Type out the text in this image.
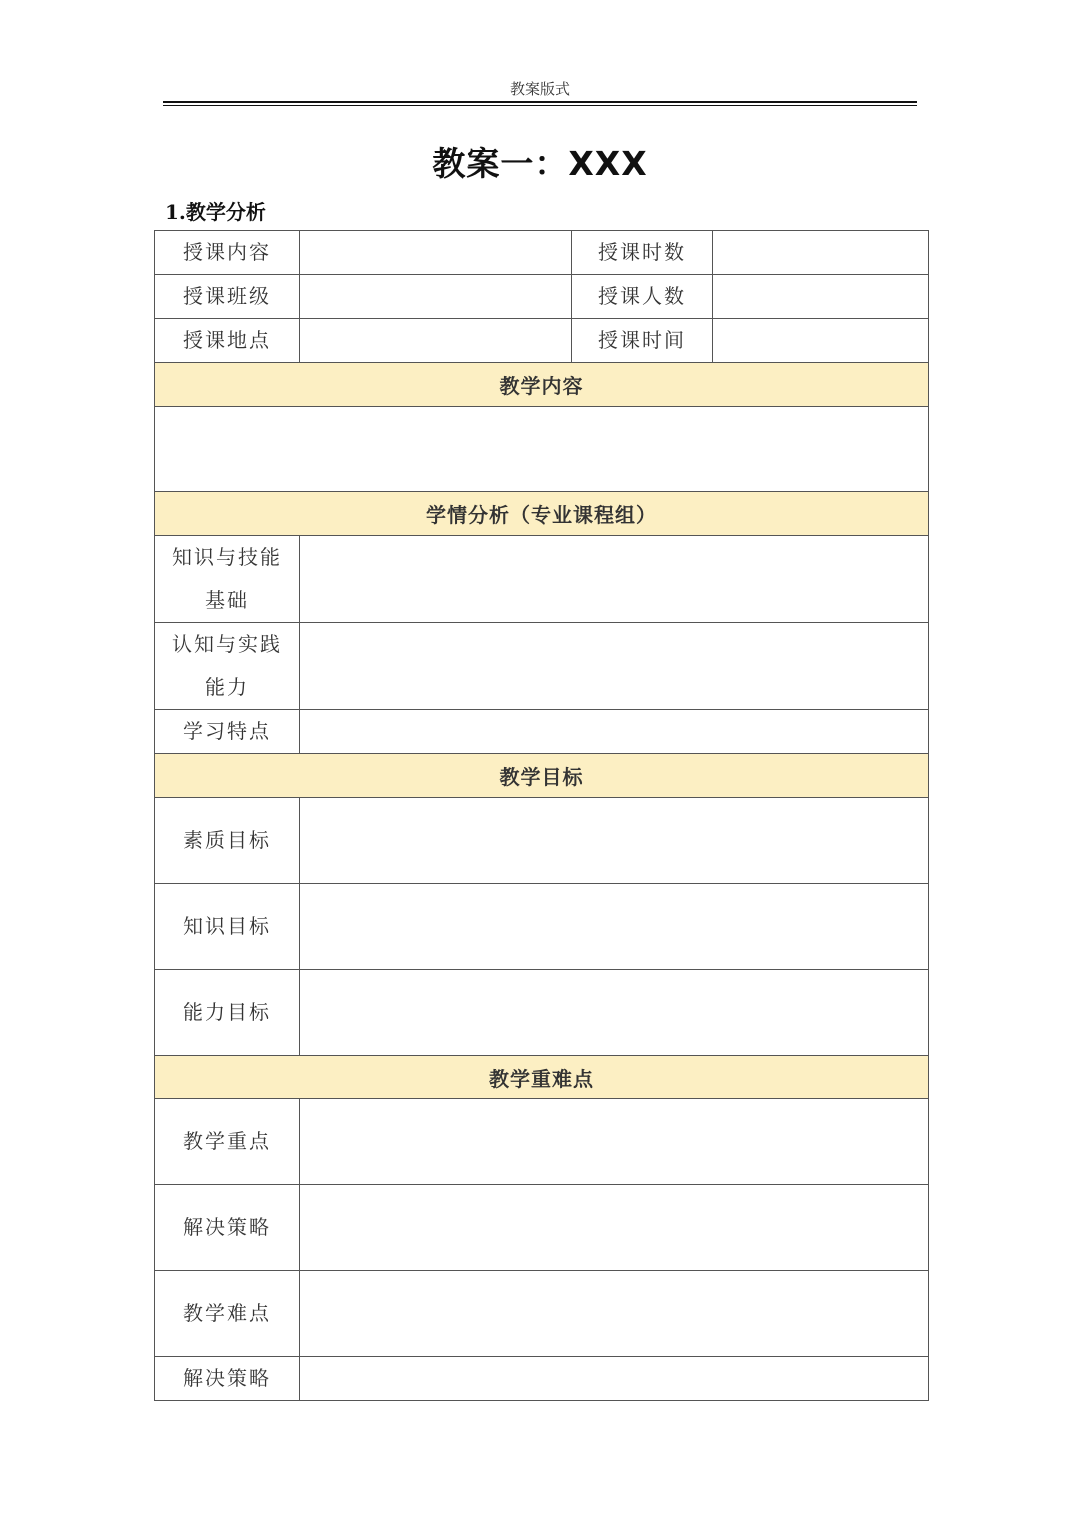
教案版式
教案一：XXX
1.教学分析
授课内容		授课时数	
授课班级		授课人数	
授课地点		授课时间	
教学内容			

学情分析（专业课程组）			

知识与技能
基础			

认知与实践
能力			

学习特点			
教学目标			
素质目标			
知识目标			
能力目标			
教学重难点			
教学重点			
解决策略			
教学难点			
解决策略			
